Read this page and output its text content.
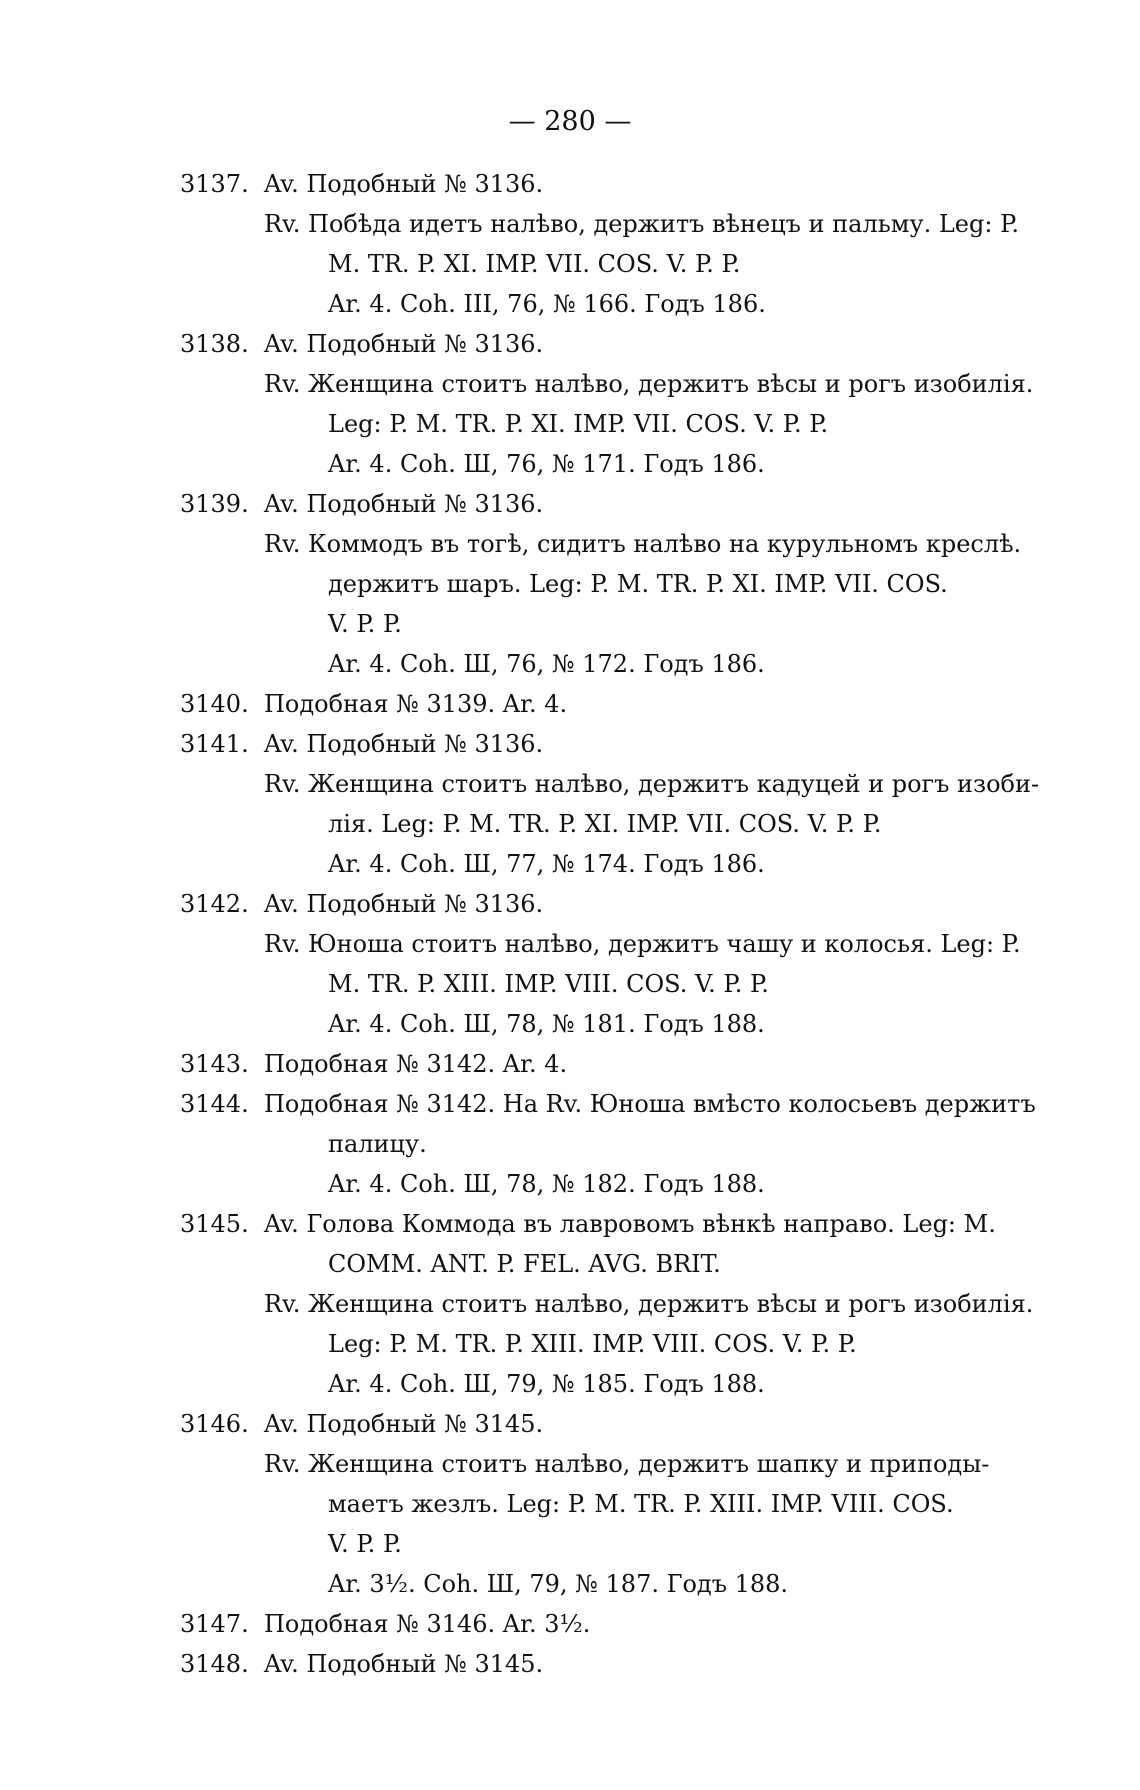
— 280 —
3137. Av. Подобный № 3136.
Rv. Побѣда идетъ налѣво, держитъ вѣнецъ и пальму. Leg: P.
M. TR. P. XI. IMP. VII. COS. V. P. P.
Ar. 4. Coh. III, 76, № 166. Годъ 186.
3138. Av. Подобный № 3136.
Rv. Женщина стоитъ налѣво, держитъ вѣсы и рогъ изобилія.
Leg: P. M. TR. P. XI. IMP. VII. COS. V. P. P.
Ar. 4. Coh. Ш, 76, № 171. Годъ 186.
3139. Av. Подобный № 3136.
Rv. Коммодъ въ тогѣ, сидитъ налѣво на курульномъ креслѣ.
держитъ шаръ. Leg: P. M. TR. P. XI. IMP. VII. COS.
V. P. P.
Ar. 4. Coh. Ш, 76, № 172. Годъ 186.
3140. Подобная № 3139. Ar. 4.
3141. Av. Подобный № 3136.
Rv. Женщина стоитъ налѣво, держитъ кадуцей и рогъ изоби-
лія. Leg: P. M. TR. P. XI. IMP. VII. COS. V. P. P.
Ar. 4. Coh. Ш, 77, № 174. Годъ 186.
3142. Av. Подобный № 3136.
Rv. Юноша стоитъ налѣво, держитъ чашу и колосья. Leg: P.
M. TR. P. XIII. IMP. VIII. COS. V. P. P.
Ar. 4. Coh. Ш, 78, № 181. Годъ 188.
3143. Подобная № 3142. Ar. 4.
3144. Подобная № 3142. На Rv. Юноша вмѣсто колосьевъ держитъ
палицу.
Ar. 4. Coh. Ш, 78, № 182. Годъ 188.
3145. Av. Голова Коммода въ лавровомъ вѣнкѣ направо. Leg: M.
COMM. ANT. P. FEL. AVG. BRIT.
Rv. Женщина стоитъ налѣво, держитъ вѣсы и рогъ изобилія.
Leg: P. M. TR. P. XIII. IMP. VIII. COS. V. P. P.
Ar. 4. Coh. Ш, 79, № 185. Годъ 188.
3146. Av. Подобный № 3145.
Rv. Женщина стоитъ налѣво, держитъ шапку и приподы-
маетъ жезлъ. Leg: P. M. TR. P. XIII. IMP. VIII. COS.
V. P. P.
Ar. 3½. Coh. Ш, 79, № 187. Годъ 188.
3147. Подобная № 3146. Ar. 3½.
3148. Av. Подобный № 3145.
